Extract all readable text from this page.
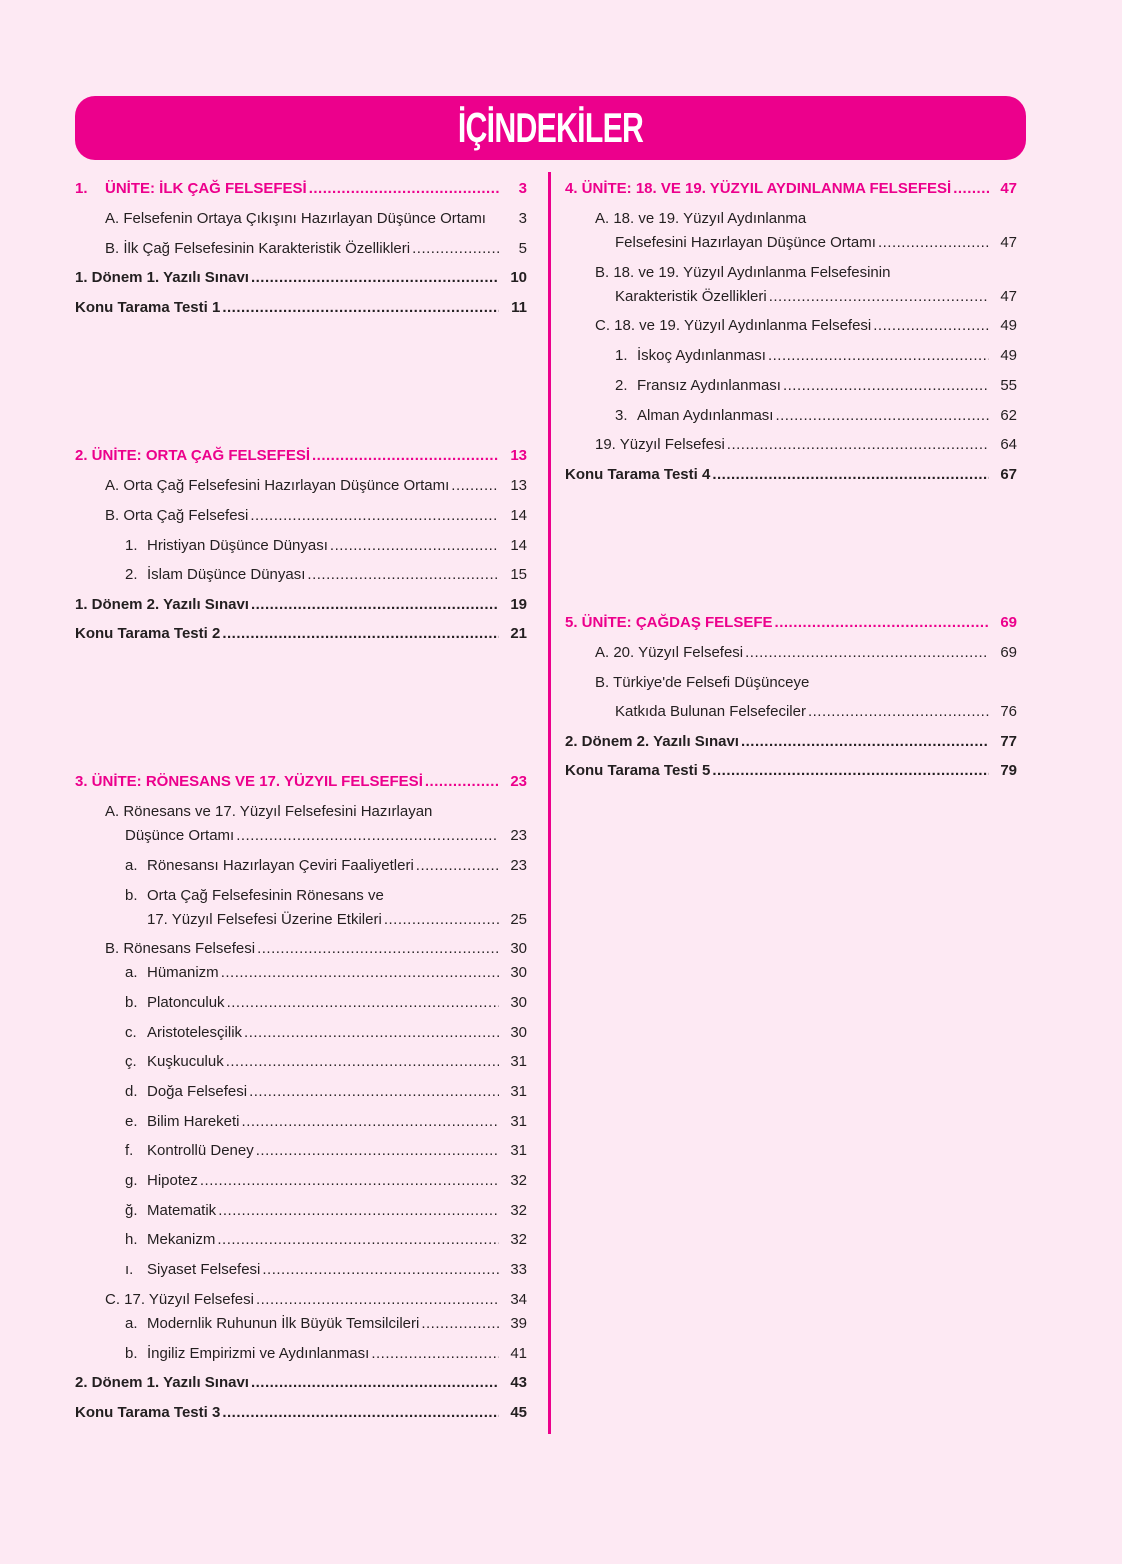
İÇİNDEKİLER
1.	ÜNİTE: İLK ÇAĞ FELSEFESİ .....	3
A. Felsefenin Ortaya Çıkışını Hazırlayan Düşünce Ortamı	3
B. İlk Çağ Felsefesinin Karakteristik Özellikleri .....	5
1. Dönem 1. Yazılı Sınavı .....	10
Konu Tarama Testi 1 .....	11
2. ÜNİTE: ORTA ÇAĞ FELSEFESİ .....	13
A. Orta Çağ Felsefesini Hazırlayan Düşünce Ortamı .....	13
B. Orta Çağ Felsefesi .....	14
1. Hristiyan Düşünce Dünyası .....	14
2. İslam Düşünce Dünyası .....	15
1. Dönem 2. Yazılı Sınavı .....	19
Konu Tarama Testi 2 .....	21
3. ÜNİTE: RÖNESANS VE 17. YÜZYIL FELSEFESİ .....	23
A. Rönesans ve 17. Yüzyıl Felsefesini Hazırlayan
Düşünce Ortamı .....	23
a. Rönesansı Hazırlayan Çeviri Faaliyetleri .....	23
b. Orta Çağ Felsefesinin Rönesans ve
17. Yüzyıl Felsefesi Üzerine Etkileri .....	25
B. Rönesans Felsefesi .....	30
a. Hümanizm .....	30
b. Platonculuk .....	30
c. Aristotelesçilik .....	30
ç. Kuşkuculuk .....	31
d. Doğa Felsefesi .....	31
e. Bilim Hareketi .....	31
f. Kontrollü Deney .....	31
g. Hipotez .....	32
ğ. Matematik .....	32
h. Mekanizm .....	32
ı. Siyaset Felsefesi .....	33
C. 17. Yüzyıl Felsefesi .....	34
a. Modernlik Ruhunun İlk Büyük Temsilcileri .....	39
b. İngiliz Empirizmi ve Aydınlanması .....	41
2. Dönem 1. Yazılı Sınavı .....	43
Konu Tarama Testi 3 .....	45
4. ÜNİTE: 18. VE 19. YÜZYIL AYDINLANMA FELSEFESİ .....	47
A. 18. ve 19. Yüzyıl Aydınlanma
Felsefesini Hazırlayan Düşünce Ortamı .....	47
B. 18. ve 19. Yüzyıl Aydınlanma Felsefesinin
Karakteristik Özellikleri .....	47
C. 18. ve 19. Yüzyıl Aydınlanma Felsefesi .....	49
1. İskoç Aydınlanması .....	49
2. Fransız Aydınlanması .....	55
3. Alman Aydınlanması .....	62
19. Yüzyıl Felsefesi .....	64
Konu Tarama Testi 4 .....	67
5. ÜNİTE: ÇAĞDAŞ FELSEFE .....	69
A. 20. Yüzyıl Felsefesi .....	69
B. Türkiye'de Felsefi Düşünceye
Katkıda Bulunan Felsefeciler .....	76
2. Dönem 2. Yazılı Sınavı .....	77
Konu Tarama Testi 5 .....	79
